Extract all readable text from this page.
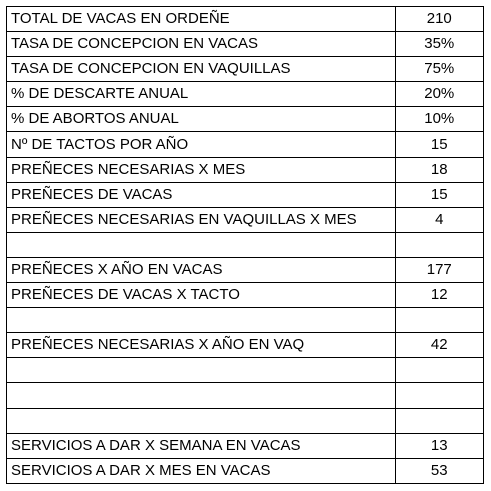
TOTAL DE VACAS EN ORDEÑE	210
TASA DE CONCEPCION EN VACAS	35%
TASA DE CONCEPCION EN VAQUILLAS	75%
% DE DESCARTE ANUAL	20%
% DE ABORTOS ANUAL	10%
Nº DE TACTOS POR AÑO	15
PREÑECES NECESARIAS X MES	18
PREÑECES DE VACAS	15
PREÑECES NECESARIAS EN VAQUILLAS X MES	4

PREÑECES X AÑO EN VACAS	177
PREÑECES DE VACAS X TACTO	12

PREÑECES NECESARIAS X AÑO EN VAQ	42

SERVICIOS A DAR X SEMANA EN VACAS	13
SERVICIOS A DAR X MES EN VACAS	53
